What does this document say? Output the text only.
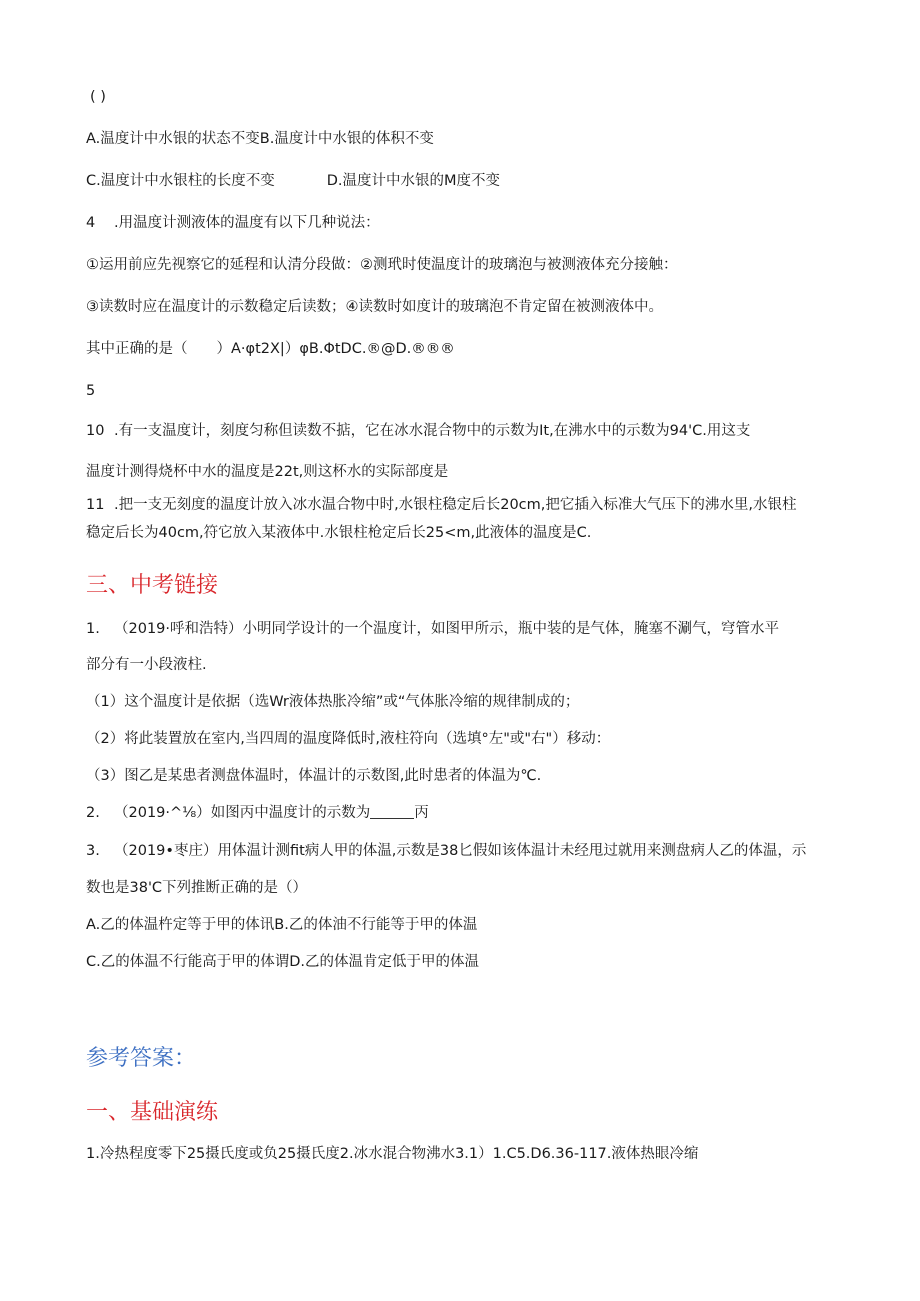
( )
A.温度计中水银的状态不变B.温度计中水银的体积不变
C.温度计中水银柱的长度不变	D.温度计中水银的M度不变
4 .用温度计测液体的温度有以下几种说法：
①运用前应先视察它的延程和认清分段做：②测玳时使温度计的玻璃泡与被测液体充分接触：
③读数时应在温度计的示数稳定后读数；④读数时如度计的玻璃泡不肯定留在被测液体中。
其中正确的是（　　）A·φt2X|）φB.ΦtDC.®@D.®®®
5
10 .有一支温度计，刻度匀称但读数不掂，它在冰水混合物中的示数为It,在沸水中的示数为94'C.用这支
温度计测得烧杯中水的温度是22t,则这杯水的实际部度是
11 .把一支无刻度的温度计放入冰水温合物中时,水银柱稳定后长20cm,把它插入标准大气压下的沸水里,水银柱
稳定后长为40cm,符它放入某液体中.水银柱枪定后长25<m,此液体的温度是C.
三、中考链接
1. （2019·呼和浩特）小明同学设计的一个温度计，如图甲所示，瓶中装的是气体，腌塞不涮气，穹管水平
部分有一小段液柱.
（1）这个温度计是依据（选Wr液体热胀冷缩”或“气体胀冷缩的规律制成的；
（2）将此装置放在室内,当四周的温度降低时,液柱符向（选填°左"或"右"）移动：
（3）图乙是某患者测盘体温时，体温计的示数图,此时患者的体温为℃.
2. （2019·^⅛）如图丙中温度计的示数为	丙
3. （2019•枣庄）用体温计测fit病人甲的体温,示数是38匕假如该体温计未经甩过就用来测盘病人乙的体温，示
数也是38'C下列推断正确的是（）
A.乙的体温杵定等于甲的体讯B.乙的体油不行能等于甲的体温
C.乙的体温不行能高于甲的体谓D.乙的体温肯定低于甲的体温
参考答案：
一、基础演练
1.冷热程度零下25摄氏度或负25摄氏度2.冰水混合物沸水3.1）1.C5.D6.36-117.液体热眼冷缩
